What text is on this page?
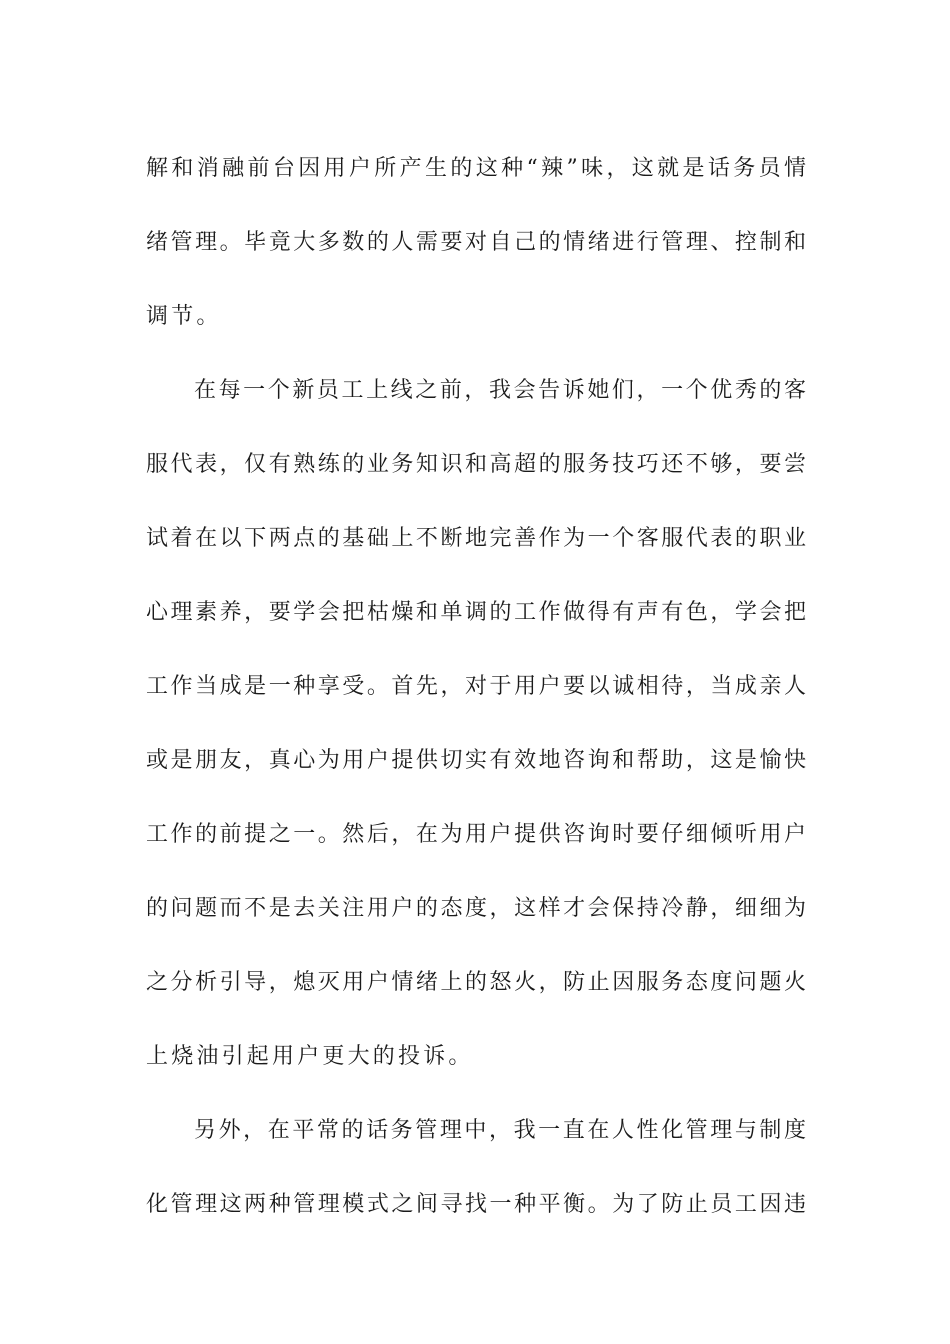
解和消融前台因用户所产生的这种“辣”味，这就是话务员情
绪管理。毕竟大多数的人需要对自己的情绪进行管理、控制和
调节。
在每一个新员工上线之前，我会告诉她们，一个优秀的客
服代表，仅有熟练的业务知识和高超的服务技巧还不够，要尝
试着在以下两点的基础上不断地完善作为一个客服代表的职业
心理素养，要学会把枯燥和单调的工作做得有声有色，学会把
工作当成是一种享受。首先，对于用户要以诚相待，当成亲人
或是朋友，真心为用户提供切实有效地咨询和帮助，这是愉快
工作的前提之一。然后，在为用户提供咨询时要仔细倾听用户
的问题而不是去关注用户的态度，这样才会保持冷静，细细为
之分析引导，熄灭用户情绪上的怒火，防止因服务态度问题火
上烧油引起用户更大的投诉。
另外，在平常的话务管理中，我一直在人性化管理与制度
化管理这两种管理模式之间寻找一种平衡。为了防止员工因违
